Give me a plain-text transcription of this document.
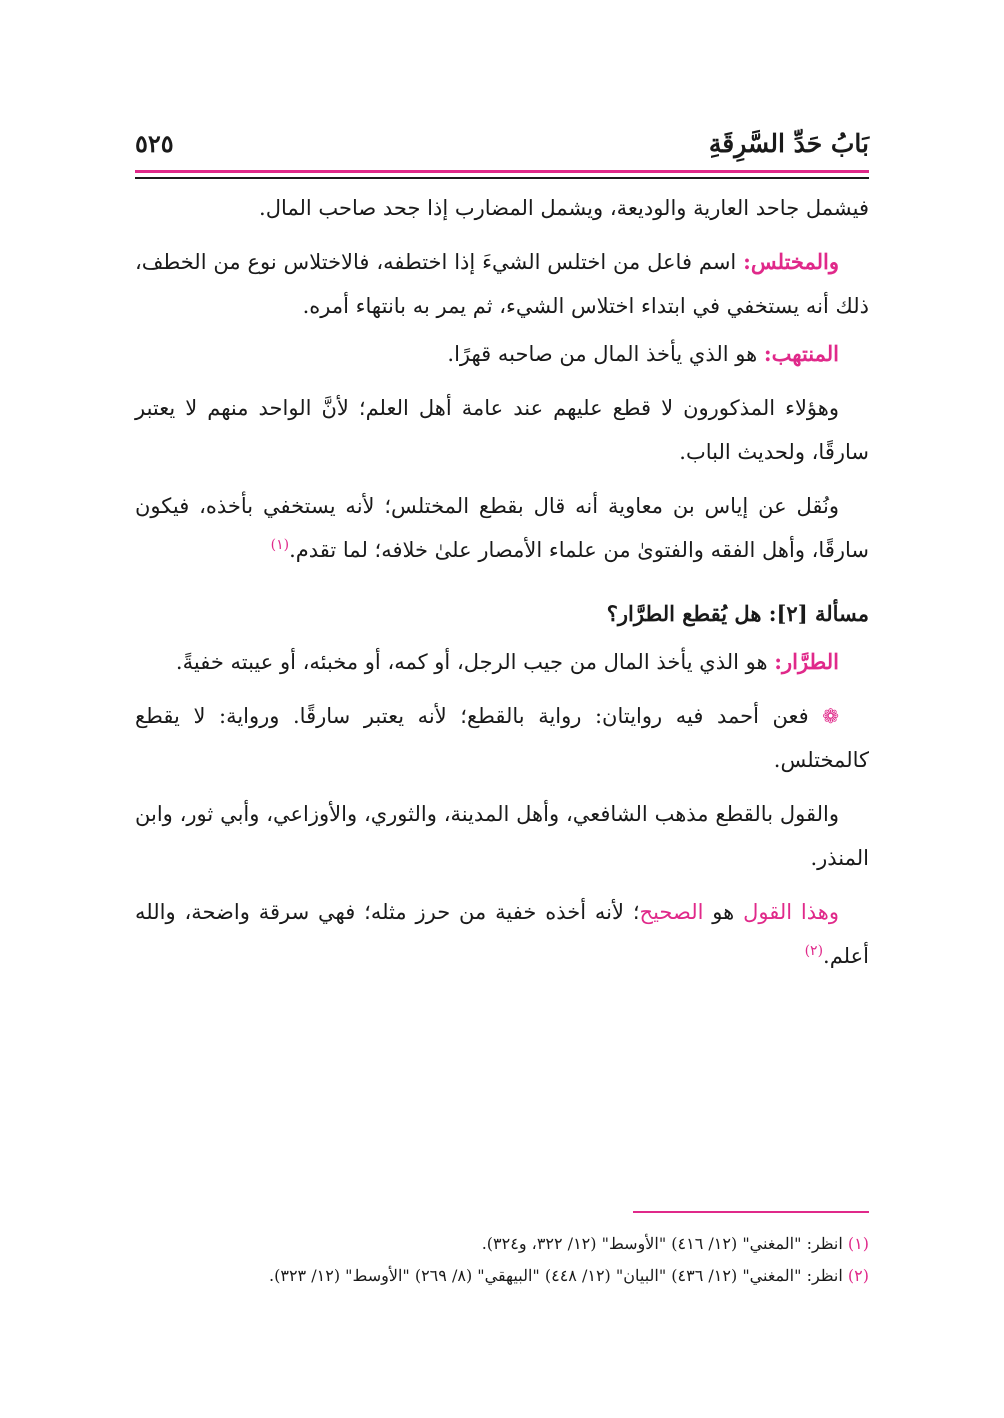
٥٢٥	بَابُ حَدِّ السَّرِقَةِ

فيشمل جاحد العارية والوديعة، ويشمل المضارب إذا جحد صاحب المال.

والمختلس: اسم فاعل من اختلس الشيءَ إذا اختطفه، فالاختلاس نوع من الخطف، ذلك أنه يستخفي في ابتداء اختلاس الشيء، ثم يمر به بانتهاء أمره.

المنتهب: هو الذي يأخذ المال من صاحبه قهرًا.

وهؤلاء المذكورون لا قطع عليهم عند عامة أهل العلم؛ لأنَّ الواحد منهم لا يعتبر سارقًا، ولحديث الباب.

ونُقل عن إياس بن معاوية أنه قال بقطع المختلس؛ لأنه يستخفي بأخذه، فيكون سارقًا، وأهل الفقه والفتوىٰ من علماء الأمصار علىٰ خلافه؛ لما تقدم.$^{(١)}$

مسألة [٢]: هل يُقطع الطرَّار؟

الطرَّار: هو الذي يأخذ المال من جيب الرجل، أو كمه، أو مخبئه، أو عيبته خفيةً.

❁ فعن أحمد فيه روايتان: رواية بالقطع؛ لأنه يعتبر سارقًا. ورواية: لا يقطع كالمختلس.

والقول بالقطع مذهب الشافعي، وأهل المدينة، والثوري، والأوزاعي، وأبي ثور، وابن المنذر.

وهذا القول هو الصحيح؛ لأنه أخذه خفية من حرز مثله؛ فهي سرقة واضحة، والله أعلم.$^{(٢)}$

(١) انظر: "المغني" (١٢/ ٤١٦) "الأوسط" (١٢/ ٣٢٢، و٣٢٤).

(٢) انظر: "المغني" (١٢/ ٤٣٦) "البيان" (١٢/ ٤٤٨) "البيهقي" (٨/ ٢٦٩) "الأوسط" (١٢/ ٣٢٣).
